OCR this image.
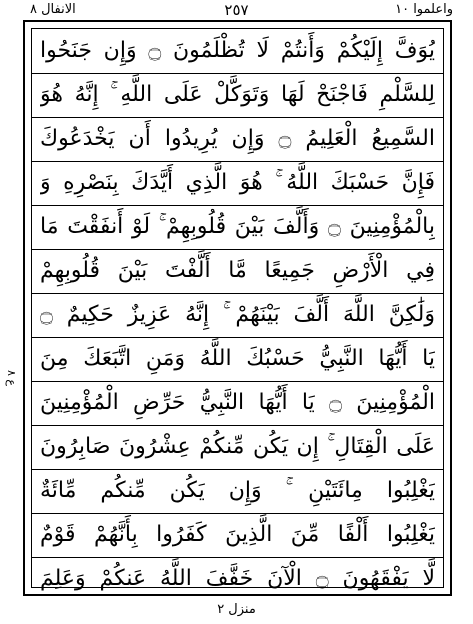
الانفال ٨	٢٥٧	واعلموا ١٠
ع ٨
يُوَفَّ إِلَيْكُمْ وَأَنتُمْ لَا تُظْلَمُونَ ۝ وَإِن جَنَحُوا
لِلسَّلْمِ فَاجْنَحْ لَهَا وَتَوَكَّلْ عَلَى اللَّهِ ۚ إِنَّهُ هُوَ
السَّمِيعُ الْعَلِيمُ ۝ وَإِن يُرِيدُوا أَن يَخْدَعُوكَ
فَإِنَّ حَسْبَكَ اللَّهُ ۚ هُوَ الَّذِي أَيَّدَكَ بِنَصْرِهِ وَ
بِالْمُؤْمِنِينَ ۝ وَأَلَّفَ بَيْنَ قُلُوبِهِمْ ۚ لَوْ أَنفَقْتَ مَا
فِي الْأَرْضِ جَمِيعًا مَّا أَلَّفْتَ بَيْنَ قُلُوبِهِمْ
وَلَٰكِنَّ اللَّهَ أَلَّفَ بَيْنَهُمْ ۚ إِنَّهُ عَزِيزٌ حَكِيمٌ ۝
يَا أَيُّهَا النَّبِيُّ حَسْبُكَ اللَّهُ وَمَنِ اتَّبَعَكَ مِنَ
الْمُؤْمِنِينَ ۝ يَا أَيُّهَا النَّبِيُّ حَرِّضِ الْمُؤْمِنِينَ
عَلَى الْقِتَالِ ۚ إِن يَكُن مِّنكُمْ عِشْرُونَ صَابِرُونَ
يَغْلِبُوا مِائَتَيْنِ ۚ وَإِن يَكُن مِّنكُم مِّائَةٌ
يَغْلِبُوا أَلْفًا مِّنَ الَّذِينَ كَفَرُوا بِأَنَّهُمْ قَوْمٌ
لَّا يَفْقَهُونَ ۝ الْآنَ خَفَّفَ اللَّهُ عَنكُمْ وَعَلِمَ
منزل ٢
